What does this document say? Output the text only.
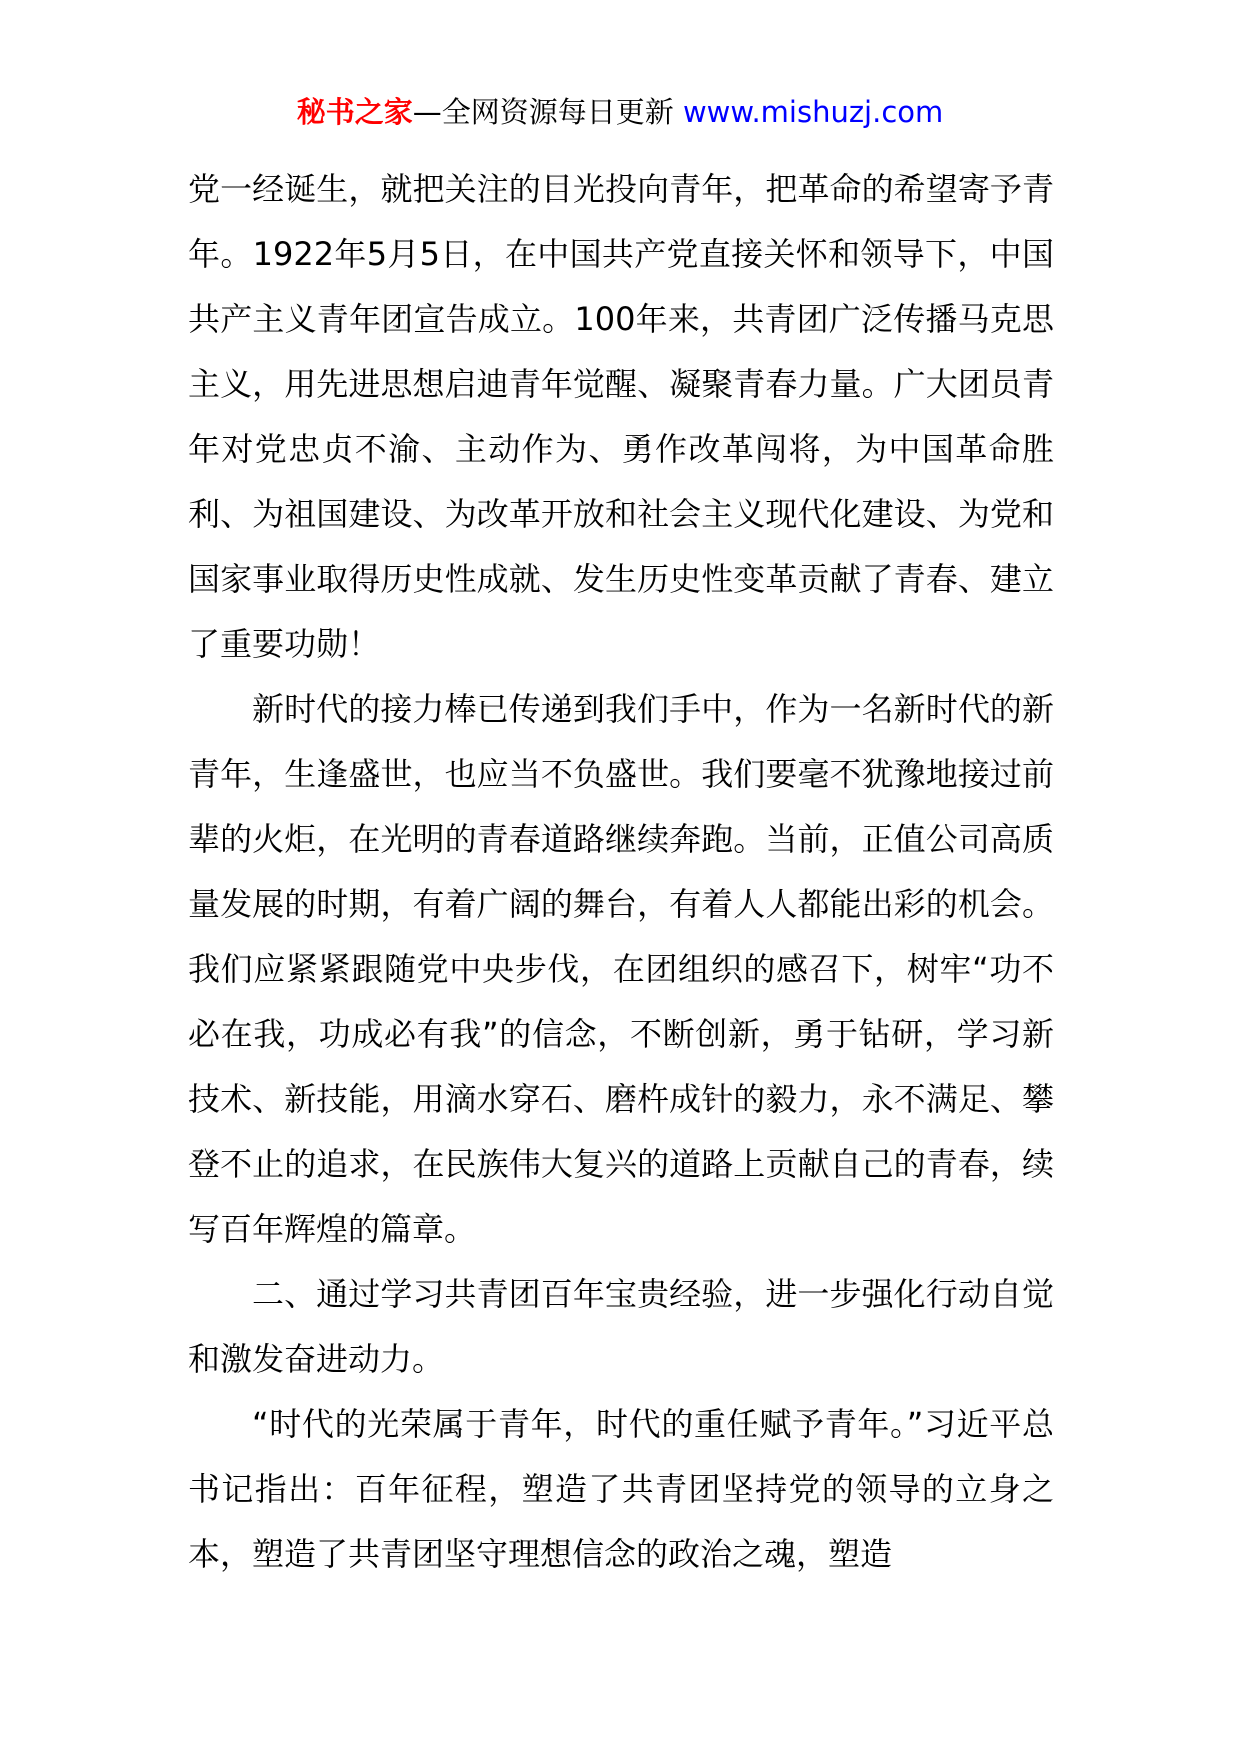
秘书之家—全网资源每日更新 www.mishuzj.com

党一经诞生，就把关注的目光投向青年，把革命的希望寄予青年。1922年5月5日，在中国共产党直接关怀和领导下，中国共产主义青年团宣告成立。100年来，共青团广泛传播马克思主义，用先进思想启迪青年觉醒、凝聚青春力量。广大团员青年对党忠贞不渝、主动作为、勇作改革闯将，为中国革命胜利、为祖国建设、为改革开放和社会主义现代化建设、为党和国家事业取得历史性成就、发生历史性变革贡献了青春、建立了重要功勋！

新时代的接力棒已传递到我们手中，作为一名新时代的新青年，生逢盛世，也应当不负盛世。我们要毫不犹豫地接过前辈的火炬，在光明的青春道路继续奔跑。当前，正值公司高质量发展的时期，有着广阔的舞台，有着人人都能出彩的机会。我们应紧紧跟随党中央步伐，在团组织的感召下，树牢“功不必在我，功成必有我”的信念，不断创新，勇于钻研，学习新技术、新技能，用滴水穿石、磨杵成针的毅力，永不满足、攀登不止的追求，在民族伟大复兴的道路上贡献自己的青春，续写百年辉煌的篇章。

二、通过学习共青团百年宝贵经验，进一步强化行动自觉和激发奋进动力。

“时代的光荣属于青年，时代的重任赋予青年。”习近平总书记指出：百年征程，塑造了共青团坚持党的领导的立身之本，塑造了共青团坚守理想信念的政治之魂，塑造
